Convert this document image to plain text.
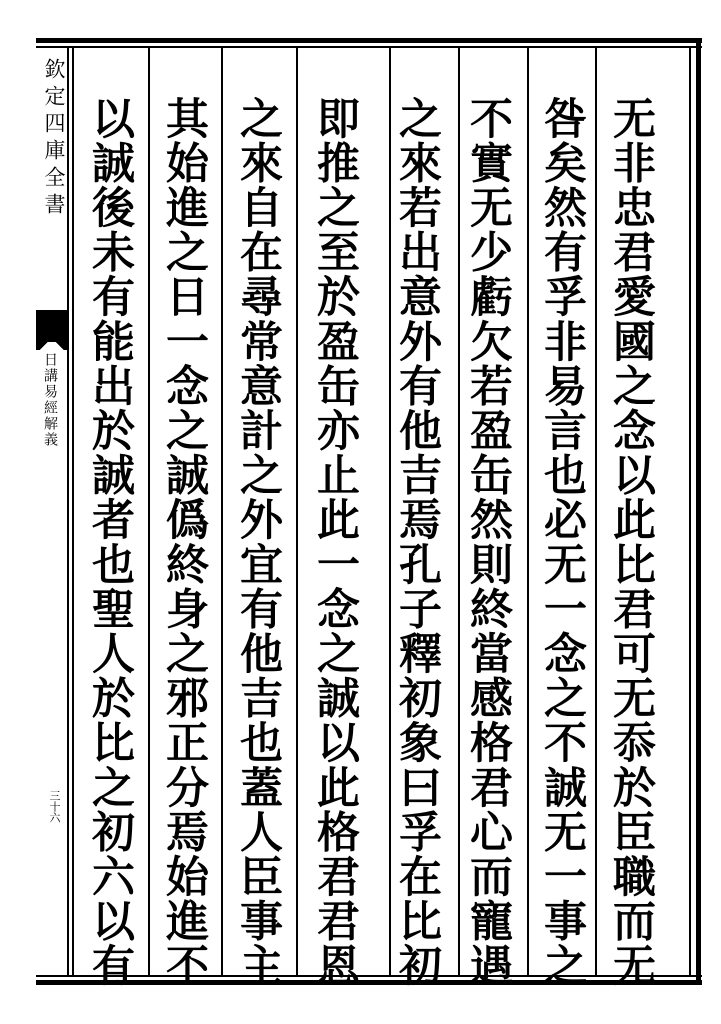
欽定四庫全書
日講易經解義
三十六	无非忠君愛國之念以此比君可无忝於臣職而无
咎矣然有孚非易言也必无一念之不誠无一事之
不實无少虧欠若盈缶然則終當感格君心而寵遇
之來若出意外有他吉焉孔子釋初象曰孚在比初
即推之至於盈缶亦止此一念之誠以此格君君恩
之來自在尋常意計之外宜有他吉也蓋人臣事主
其始進之日一念之誠僞終身之邪正分焉始進不
以誠後未有能出於誠者也聖人於比之初六以有
